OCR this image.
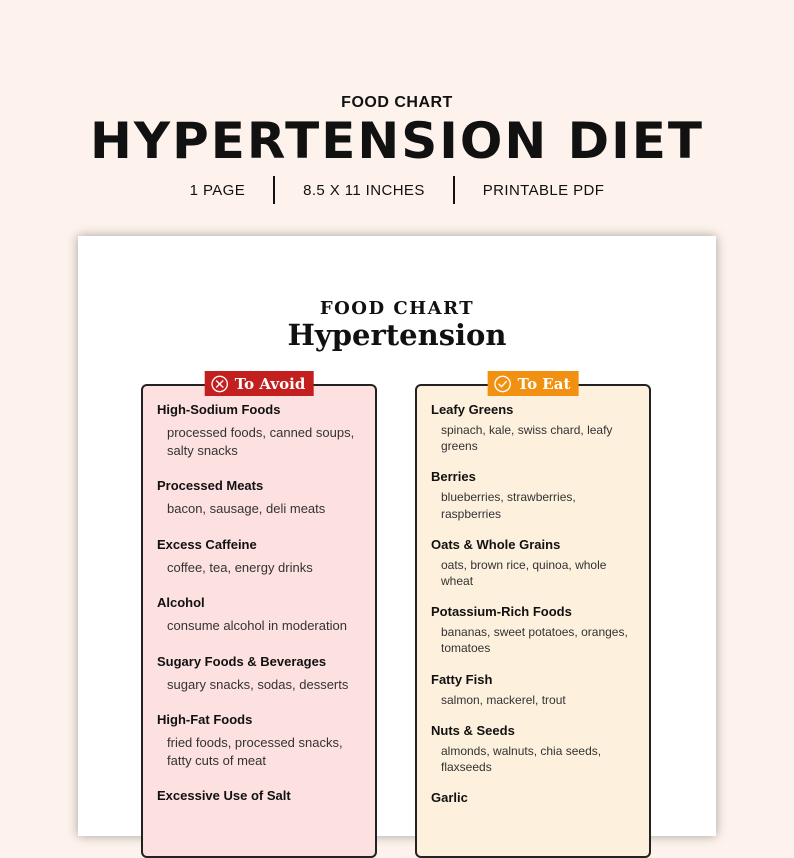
FOOD CHART
HYPERTENSION DIET
1 PAGE	8.5 X 11 INCHES	PRINTABLE PDF
FOOD CHART
Hypertension
To Avoid
High-Sodium Foods
processed foods, canned soups, salty snacks
Processed Meats
bacon, sausage, deli meats
Excess Caffeine
coffee, tea, energy drinks
Alcohol
consume alcohol in moderation
Sugary Foods & Beverages
sugary snacks, sodas, desserts
High-Fat Foods
fried foods, processed snacks, fatty cuts of meat
Excessive Use of Salt
To Eat
Leafy Greens
spinach, kale, swiss chard, leafy greens
Berries
blueberries, strawberries, raspberries
Oats & Whole Grains
oats, brown rice, quinoa, whole wheat
Potassium-Rich Foods
bananas, sweet potatoes, oranges, tomatoes
Fatty Fish
salmon, mackerel, trout
Nuts & Seeds
almonds, walnuts, chia seeds, flaxseeds
Garlic
